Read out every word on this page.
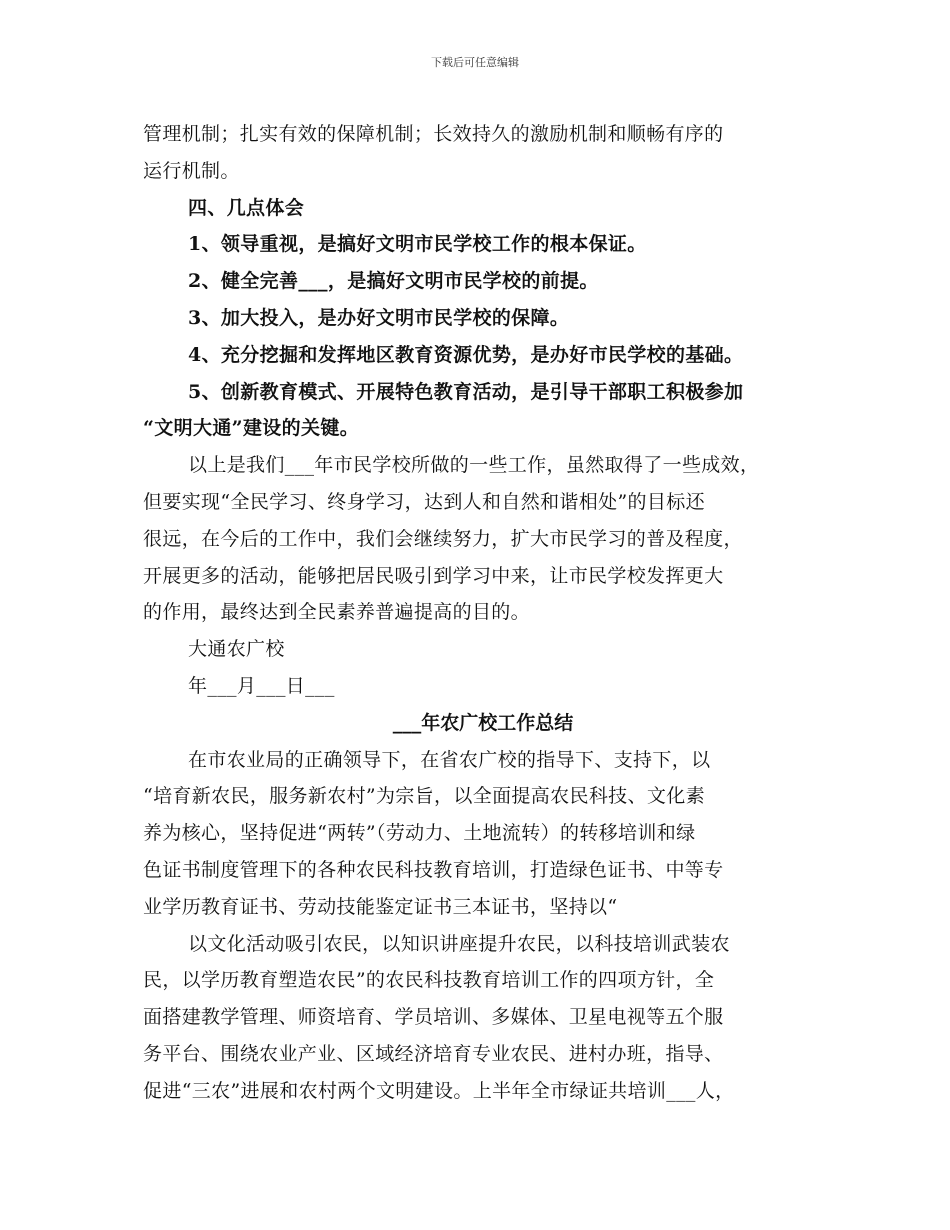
下载后可任意编辑
管理机制；扎实有效的保障机制；长效持久的激励机制和顺畅有序的
运行机制。
四、几点体会
1、领导重视，是搞好文明市民学校工作的根本保证。
2、健全完善___，是搞好文明市民学校的前提。
3、加大投入，是办好文明市民学校的保障。
4、充分挖掘和发挥地区教育资源优势，是办好市民学校的基础。
5、创新教育模式、开展特色教育活动，是引导干部职工积极参加
“文明大通”建设的关键。
以上是我们___年市民学校所做的一些工作，虽然取得了一些成效，
但要实现“全民学习、终身学习，达到人和自然和谐相处”的目标还
很远，在今后的工作中，我们会继续努力，扩大市民学习的普及程度，
开展更多的活动，能够把居民吸引到学习中来，让市民学校发挥更大
的作用，最终达到全民素养普遍提高的目的。
大通农广校
年___月___日___
___年农广校工作总结
在市农业局的正确领导下，在省农广校的指导下、支持下，以
“培育新农民，服务新农村”为宗旨，以全面提高农民科技、文化素
养为核心，坚持促进“两转”（劳动力、土地流转）的转移培训和绿
色证书制度管理下的各种农民科技教育培训，打造绿色证书、中等专
业学历教育证书、劳动技能鉴定证书三本证书，坚持以“
以文化活动吸引农民，以知识讲座提升农民，以科技培训武装农
民，以学历教育塑造农民”的农民科技教育培训工作的四项方针，全
面搭建教学管理、师资培育、学员培训、多媒体、卫星电视等五个服
务平台、围绕农业产业、区域经济培育专业农民、进村办班，指导、
促进“三农”进展和农村两个文明建设。上半年全市绿证共培训___人，
